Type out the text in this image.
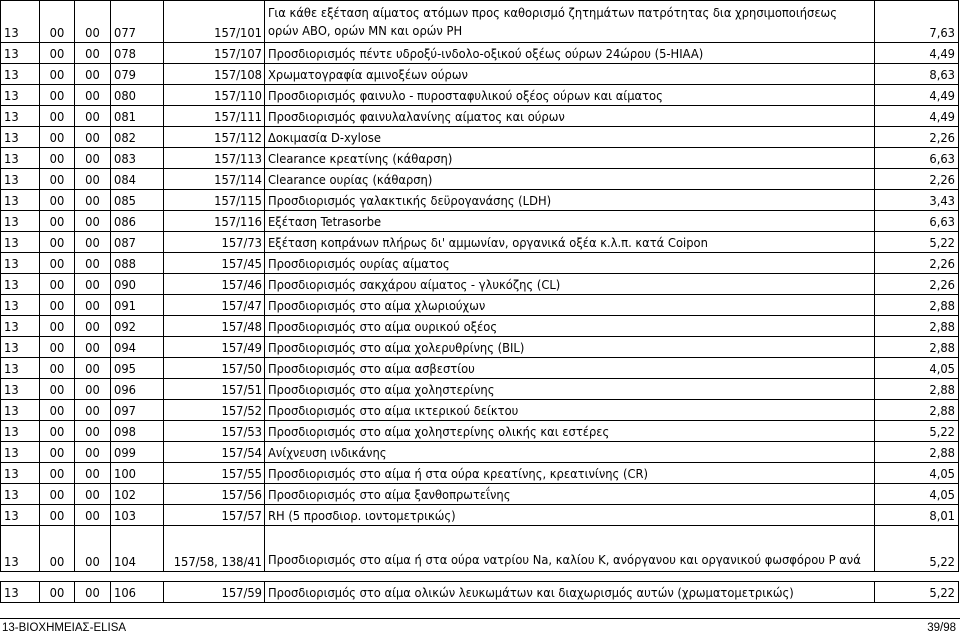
13	00	00	077	157/101	Για κάθε εξέταση αίματος ατόμων προς καθορισμό ζητημάτων πατρότητας δια χρησιμοποιήσεως ορών ΑΒΟ, ορών ΜΝ και ορών PH	7,63
13	00	00	078	157/107	Προσδιορισμός πέντε υδροξύ-ινδολο-οξικού οξέως ούρων 24ώρου (5-HIAA)	4,49
13	00	00	079	157/108	Χρωματογραφία αμινοξέων ούρων	8,63
13	00	00	080	157/110	Προσδιορισμός φαινυλο - πυροσταφυλικού οξέος ούρων και αίματος	4,49
13	00	00	081	157/111	Προσδιορισμός φαινυλαλανίνης αίματος και ούρων	4,49
13	00	00	082	157/112	Δοκιμασία D-xylose	2,26
13	00	00	083	157/113	Clearance κρεατίνης (κάθαρση)	6,63
13	00	00	084	157/114	Clearance ουρίας (κάθαρση)	2,26
13	00	00	085	157/115	Προσδιορισμός γαλακτικής δεϋρογανάσης (LDH)	3,43
13	00	00	086	157/116	Εξέταση Tetrasorbe	6,63
13	00	00	087	157/73	Εξέταση κοπράνων πλήρως δι' αμμωνίαν, οργανικά οξέα κ.λ.π. κατά Coipon	5,22
13	00	00	088	157/45	Προσδιορισμός ουρίας αίματος	2,26
13	00	00	090	157/46	Προσδιορισμός σακχάρου αίματος - γλυκόζης (CL)	2,26
13	00	00	091	157/47	Προσδιορισμός στο αίμα χλωριούχων	2,88
13	00	00	092	157/48	Προσδιορισμός στο αίμα ουρικού οξέος	2,88
13	00	00	094	157/49	Προσδιορισμός στο αίμα χολερυθρίνης (BIL)	2,88
13	00	00	095	157/50	Προσδιορισμός στο αίμα ασβεστίου	4,05
13	00	00	096	157/51	Προσδιορισμός στο αίμα χοληστερίνης	2,88
13	00	00	097	157/52	Προσδιορισμός στο αίμα ικτερικού δείκτου	2,88
13	00	00	098	157/53	Προσδιορισμός στο αίμα χοληστερίνης ολικής και εστέρες	5,22
13	00	00	099	157/54	Ανίχνευση ινδικάνης	2,88
13	00	00	100	157/55	Προσδιορισμός στο αίμα ή στα ούρα κρεατίνης, κρεατινίνης (CR)	4,05
13	00	00	102	157/56	Προσδιορισμός στο αίμα ξανθοπρωτεΐνης	4,05
13	00	00	103	157/57	RH (5 προσδιορ. ιοντομετρικώς)	8,01
13	00	00	104	157/58, 138/41	Προσδιορισμός στο αίμα ή στα ούρα νατρίου Na, καλίου K, ανόργανου και οργανικού φωσφόρου P ανά	5,22

13	00	00	106	157/59	Προσδιορισμός στο αίμα ολικών λευκωμάτων και διαχωρισμός αυτών (χρωματομετρικώς)	5,22
13-ΒΙΟΧΗΜΕΙΑΣ-ELISA	39/98
